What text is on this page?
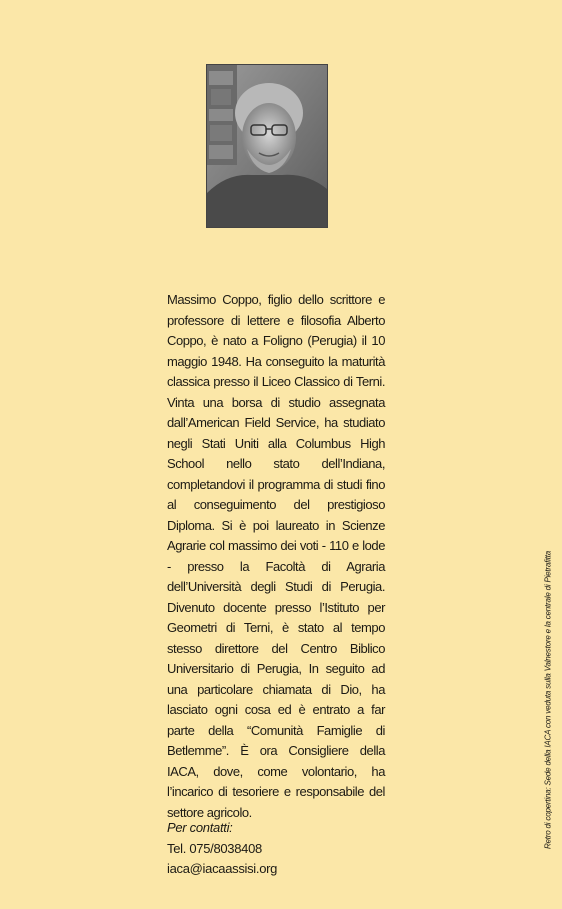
Massimo Coppo, figlio dello scrittore e professore di lettere e filosofia Alberto Coppo, è nato a Foligno (Perugia) il 10 maggio 1948. Ha conseguito la maturità classica presso il Liceo Classico di Terni. Vinta una borsa di studio assegnata dall’American Field Service, ha studiato negli Stati Uniti alla Columbus High School nello stato dell’Indiana, completandovi il programma di studi fino al conseguimento del prestigioso Diploma. Si è poi laureato in Scienze Agrarie col massimo dei voti - 110 e lode - presso la Facoltà di Agraria dell’Università degli Studi di Perugia. Divenuto docente presso l’Istituto per Geometri di Terni, è stato al tempo stesso direttore del Centro Biblico Universitario di Perugia, In seguito ad una particolare chiamata di Dio, ha lasciato ogni cosa ed è entrato a far parte della “Comunità Famiglie di Betlemme”. È ora Consigliere della IACA, dove, come volontario, ha l’incarico di tesoriere e responsabile del settore agricolo.

Per contatti:
Tel. 075/8038408
iaca@iacaassisi.org
Retro di copertina: Sede della IACA con veduta sulla Valnestore e la centrale di Pietrafitta
